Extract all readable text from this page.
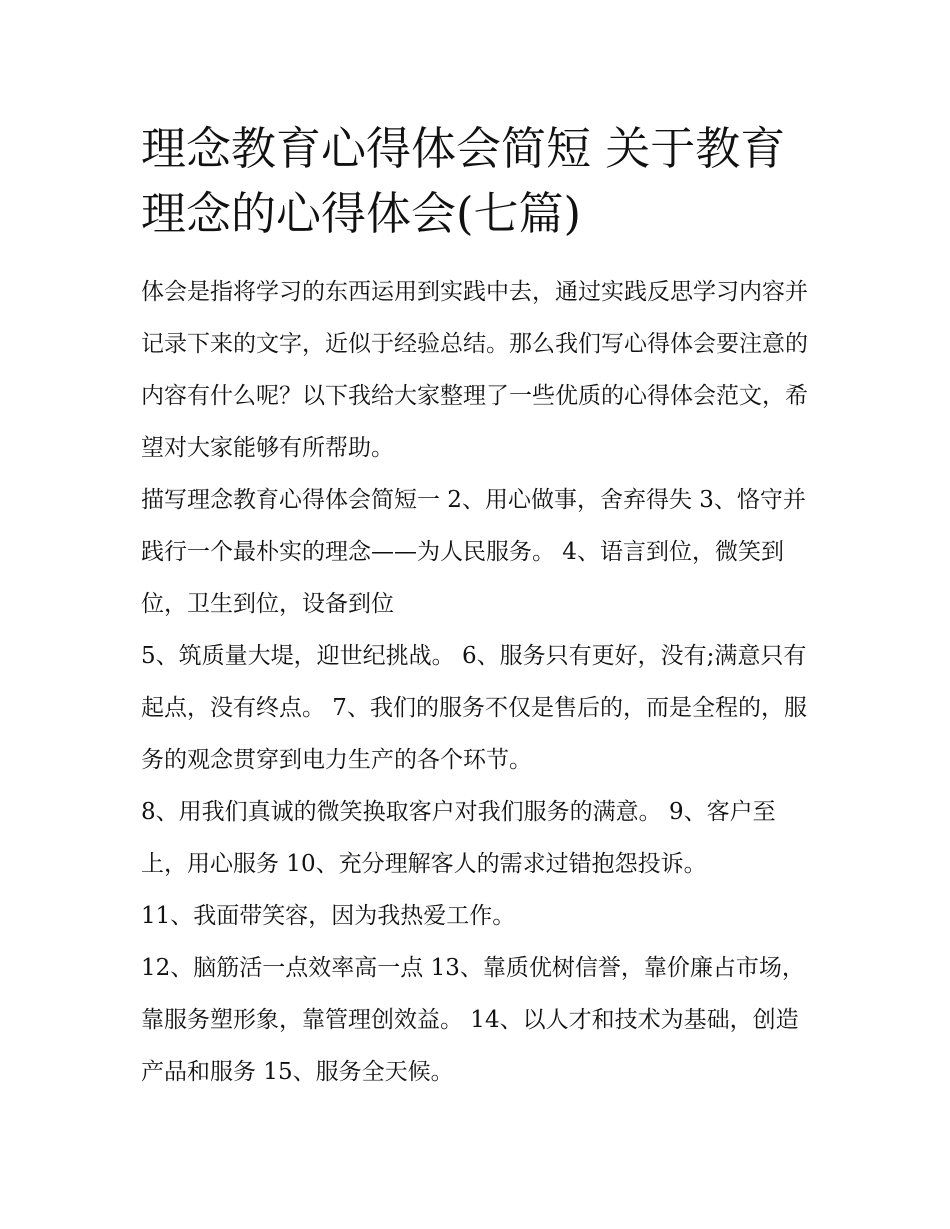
理念教育心得体会简短 关于教育理念的心得体会(七篇)

体会是指将学习的东西运用到实践中去，通过实践反思学习内容并记录下来的文字，近似于经验总结。那么我们写心得体会要注意的内容有什么呢？以下我给大家整理了一些优质的心得体会范文，希望对大家能够有所帮助。

描写理念教育心得体会简短一 2、用心做事，舍弃得失 3、恪守并践行一个最朴实的理念——为人民服务。 4、语言到位，微笑到位，卫生到位，设备到位

5、筑质量大堤，迎世纪挑战。 6、服务只有更好，没有;满意只有起点，没有终点。 7、我们的服务不仅是售后的，而是全程的，服务的观念贯穿到电力生产的各个环节。

8、用我们真诚的微笑换取客户对我们服务的满意。 9、客户至上，用心服务 10、充分理解客人的需求过错抱怨投诉。

11、我面带笑容，因为我热爱工作。

12、脑筋活一点效率高一点 13、靠质优树信誉，靠价廉占市场，靠服务塑形象，靠管理创效益。 14、以人才和技术为基础，创造产品和服务 15、服务全天候。
